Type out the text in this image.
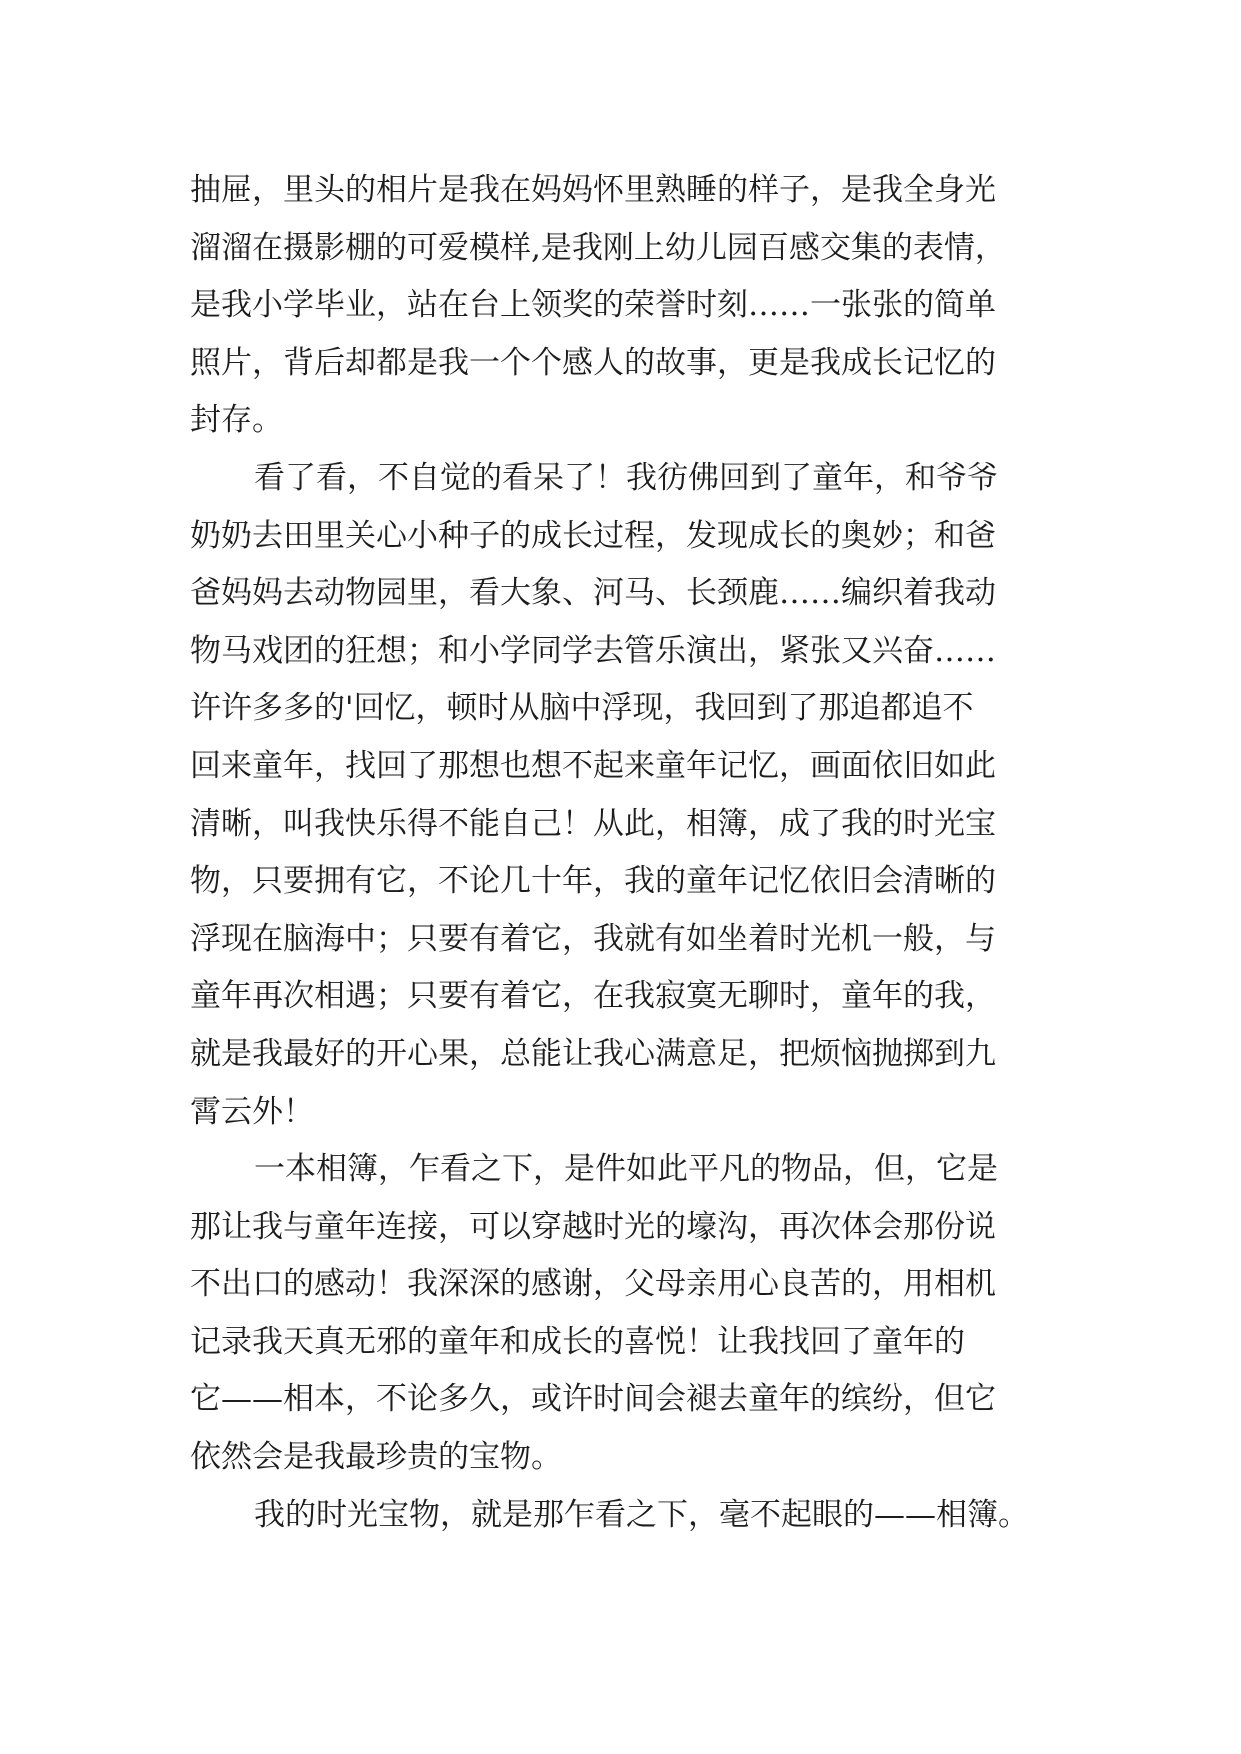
抽屉，里头的相片是我在妈妈怀里熟睡的样子，是我全身光
溜溜在摄影棚的可爱模样,是我刚上幼儿园百感交集的表情，
是我小学毕业，站在台上领奖的荣誉时刻……一张张的简单
照片，背后却都是我一个个感人的故事，更是我成长记忆的
封存。
看了看，不自觉的看呆了！我彷佛回到了童年，和爷爷
奶奶去田里关心小种子的成长过程，发现成长的奥妙；和爸
爸妈妈去动物园里，看大象、河马、长颈鹿……编织着我动
物马戏团的狂想；和小学同学去管乐演出，紧张又兴奋……
许许多多的'回忆，顿时从脑中浮现，我回到了那追都追不
回来童年，找回了那想也想不起来童年记忆，画面依旧如此
清晰，叫我快乐得不能自己！从此，相簿，成了我的时光宝
物，只要拥有它，不论几十年，我的童年记忆依旧会清晰的
浮现在脑海中；只要有着它，我就有如坐着时光机一般，与
童年再次相遇；只要有着它，在我寂寞无聊时，童年的我，
就是我最好的开心果，总能让我心满意足，把烦恼抛掷到九
霄云外！
一本相簿，乍看之下，是件如此平凡的物品，但，它是
那让我与童年连接，可以穿越时光的壕沟，再次体会那份说
不出口的感动！我深深的感谢，父母亲用心良苦的，用相机
记录我天真无邪的童年和成长的喜悦！让我找回了童年的
它——相本，不论多久，或许时间会褪去童年的缤纷，但它
依然会是我最珍贵的宝物。
我的时光宝物，就是那乍看之下，毫不起眼的——相簿。
